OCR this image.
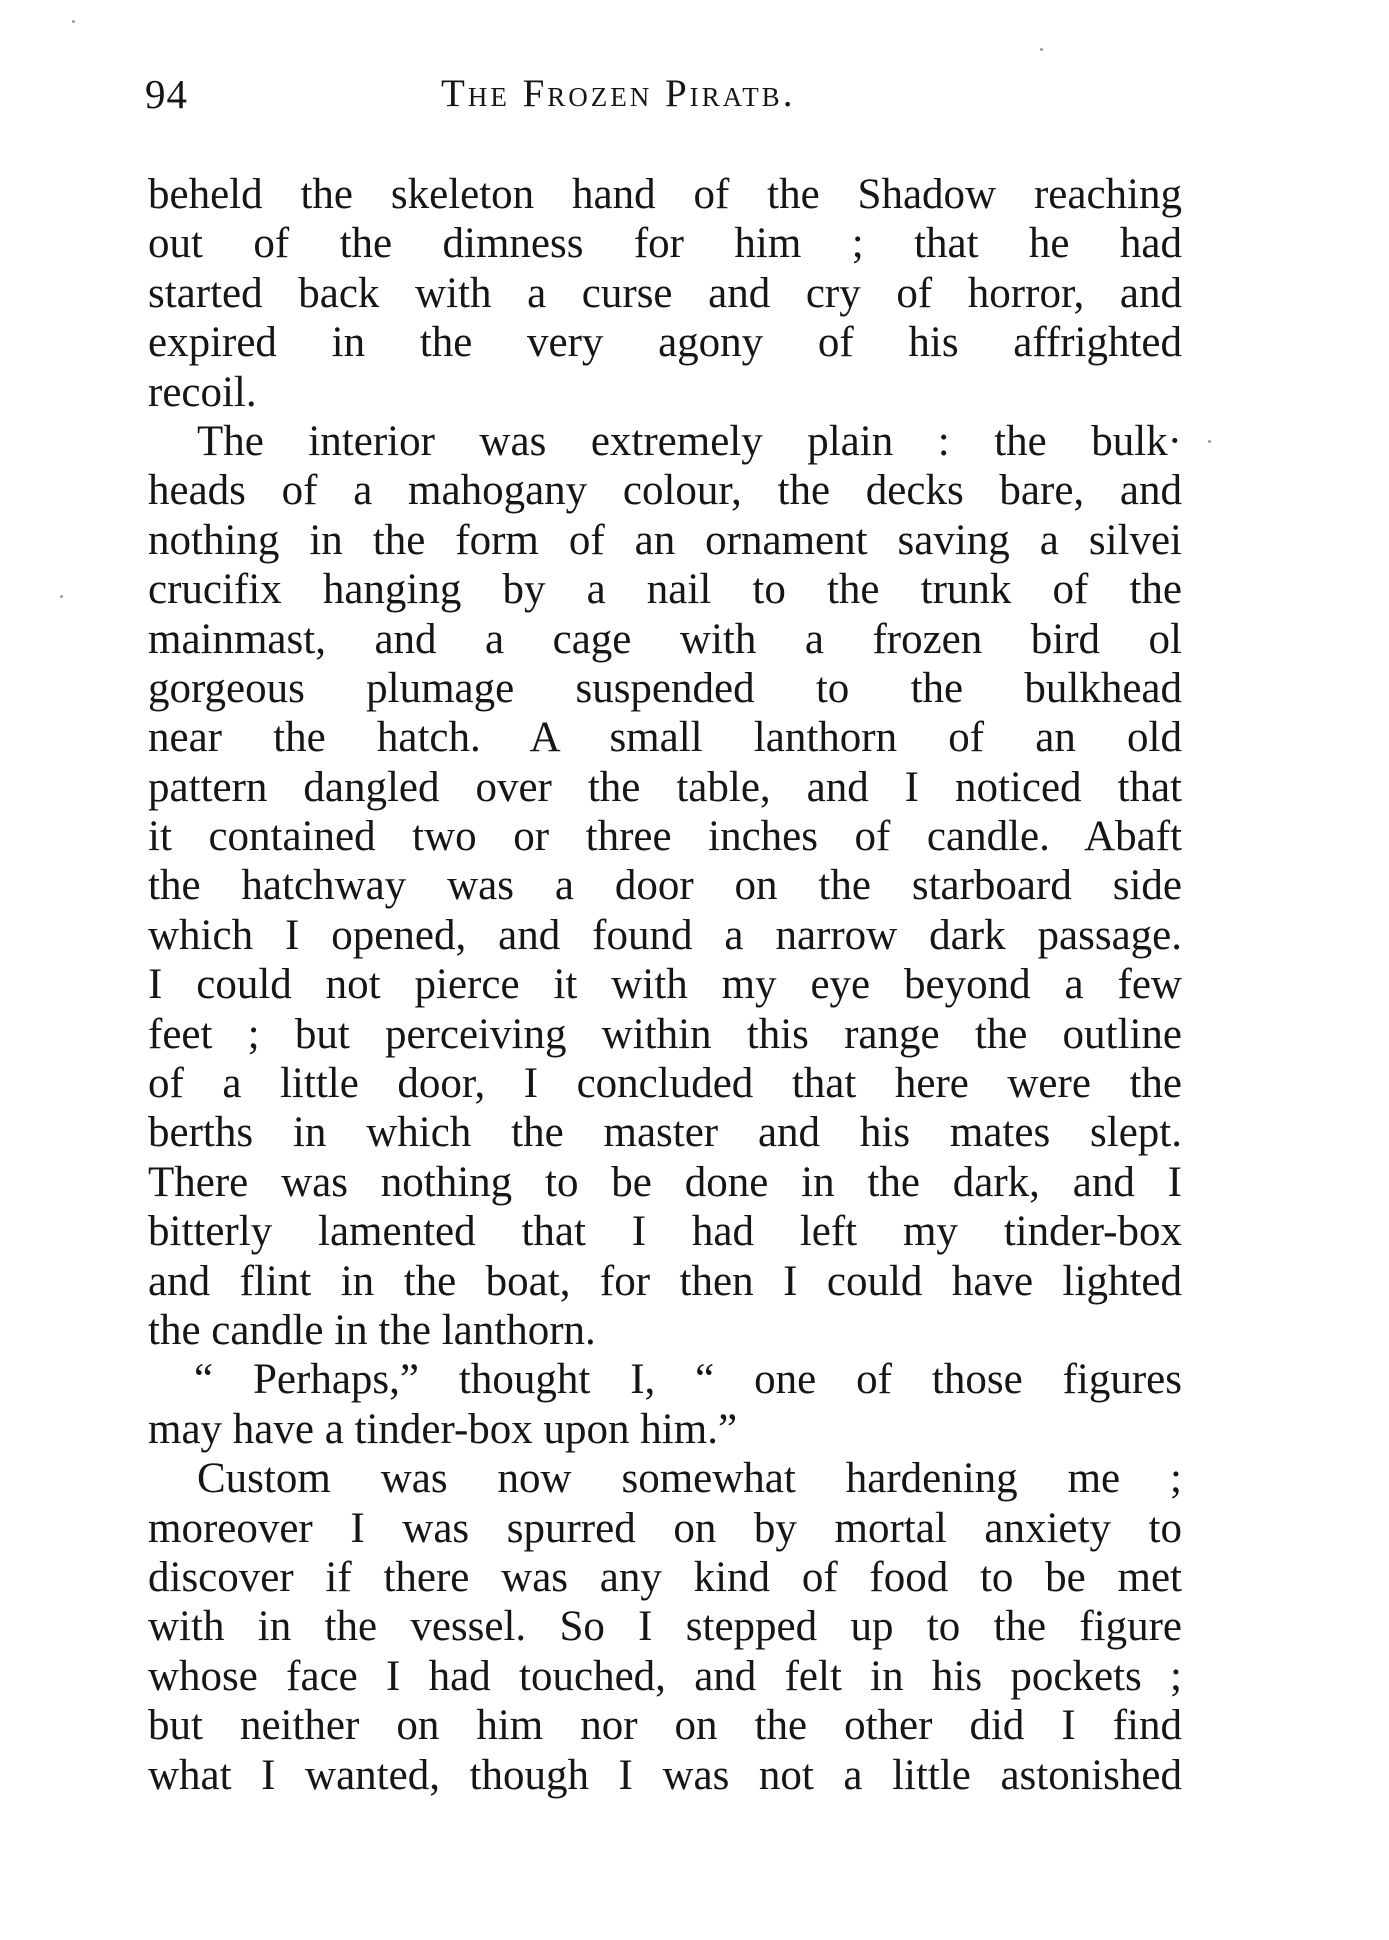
94	The Frozen Piratb.
beheld the skeleton hand of the Shadow reaching
out of the dimness for him ; that he had
started back with a curse and cry of horror, and
expired in the very agony of his affrighted
recoil.
The interior was extremely plain : the bulk·
heads of a mahogany colour, the decks bare, and
nothing in the form of an ornament saving a silvei
crucifix hanging by a nail to the trunk of the
mainmast, and a cage with a frozen bird ol
gorgeous plumage suspended to the bulkhead
near the hatch. A small lanthorn of an old
pattern dangled over the table, and I noticed that
it contained two or three inches of candle. Abaft
the hatchway was a door on the starboard side
which I opened, and found a narrow dark passage.
I could not pierce it with my eye beyond a few
feet ; but perceiving within this range the outline
of a little door, I concluded that here were the
berths in which the master and his mates slept.
There was nothing to be done in the dark, and I
bitterly lamented that I had left my tinder-box
and flint in the boat, for then I could have lighted
the candle in the lanthorn.
“ Perhaps,” thought I, “ one of those figures
may have a tinder-box upon him.”
Custom was now somewhat hardening me ;
moreover I was spurred on by mortal anxiety to
discover if there was any kind of food to be met
with in the vessel. So I stepped up to the figure
whose face I had touched, and felt in his pockets ;
but neither on him nor on the other did I find
what I wanted, though I was not a little astonished
